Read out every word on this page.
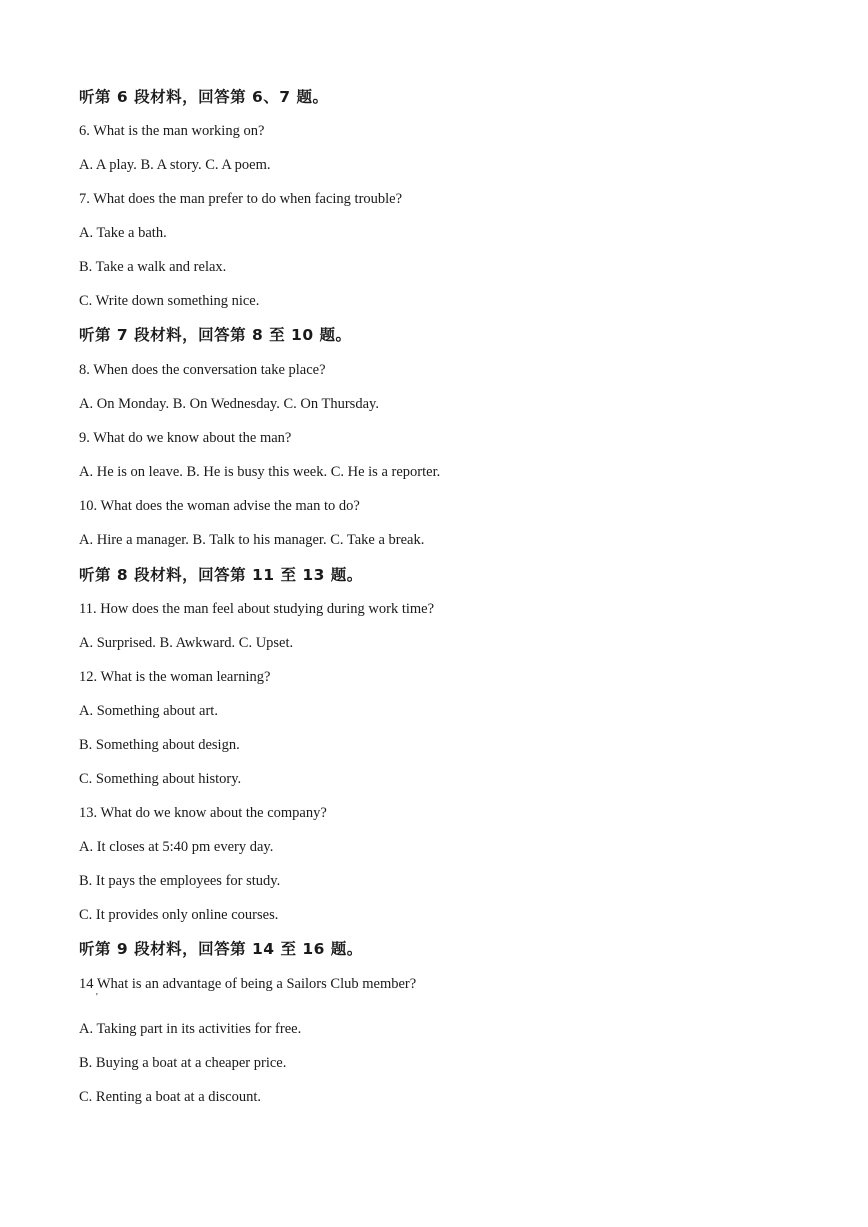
听第 6 段材料，回答第 6、7 题。
6. What is the man working on?
A. A play. B. A story. C. A poem.
7. What does the man prefer to do when facing trouble?
A. Take a bath.
B. Take a walk and relax.
C. Write down something nice.
听第 7 段材料，回答第 8 至 10 题。
8. When does the conversation take place?
A. On Monday. B. On Wednesday. C. On Thursday.
9. What do we know about the man?
A. He is on leave. B. He is busy this week. C. He is a reporter.
10. What does the woman advise the man to do?
A. Hire a manager. B. Talk to his manager. C. Take a break.
听第 8 段材料，回答第 11 至 13 题。
11. How does the man feel about studying during work time?
A. Surprised. B. Awkward. C. Upset.
12. What is the woman learning?
A. Something about art.
B. Something about design.
C. Something about history.
13. What do we know about the company?
A. It closes at 5:40 pm every day.
B. It pays the employees for study.
C. It provides only online courses.
听第 9 段材料，回答第 14 至 16 题。
14 What is an advantage of being a Sailors Club member?
A. Taking part in its activities for free.
B. Buying a boat at a cheaper price.
C. Renting a boat at a discount.
'
